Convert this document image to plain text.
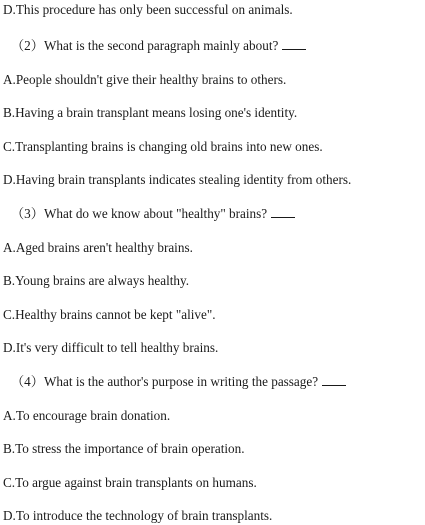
D.This procedure has only been successful on animals.
（2）What is the second paragraph mainly about?
A.People shouldn't give their healthy brains to others.
B.Having a brain transplant means losing one's identity.
C.Transplanting brains is changing old brains into new ones.
D.Having brain transplants indicates stealing identity from others.
（3）What do we know about "healthy" brains?
A.Aged brains aren't healthy brains.
B.Young brains are always healthy.
C.Healthy brains cannot be kept "alive".
D.It's very difficult to tell healthy brains.
（4）What is the author's purpose in writing the passage?
A.To encourage brain donation.
B.To stress the importance of brain operation.
C.To argue against brain transplants on humans.
D.To introduce the technology of brain transplants.
